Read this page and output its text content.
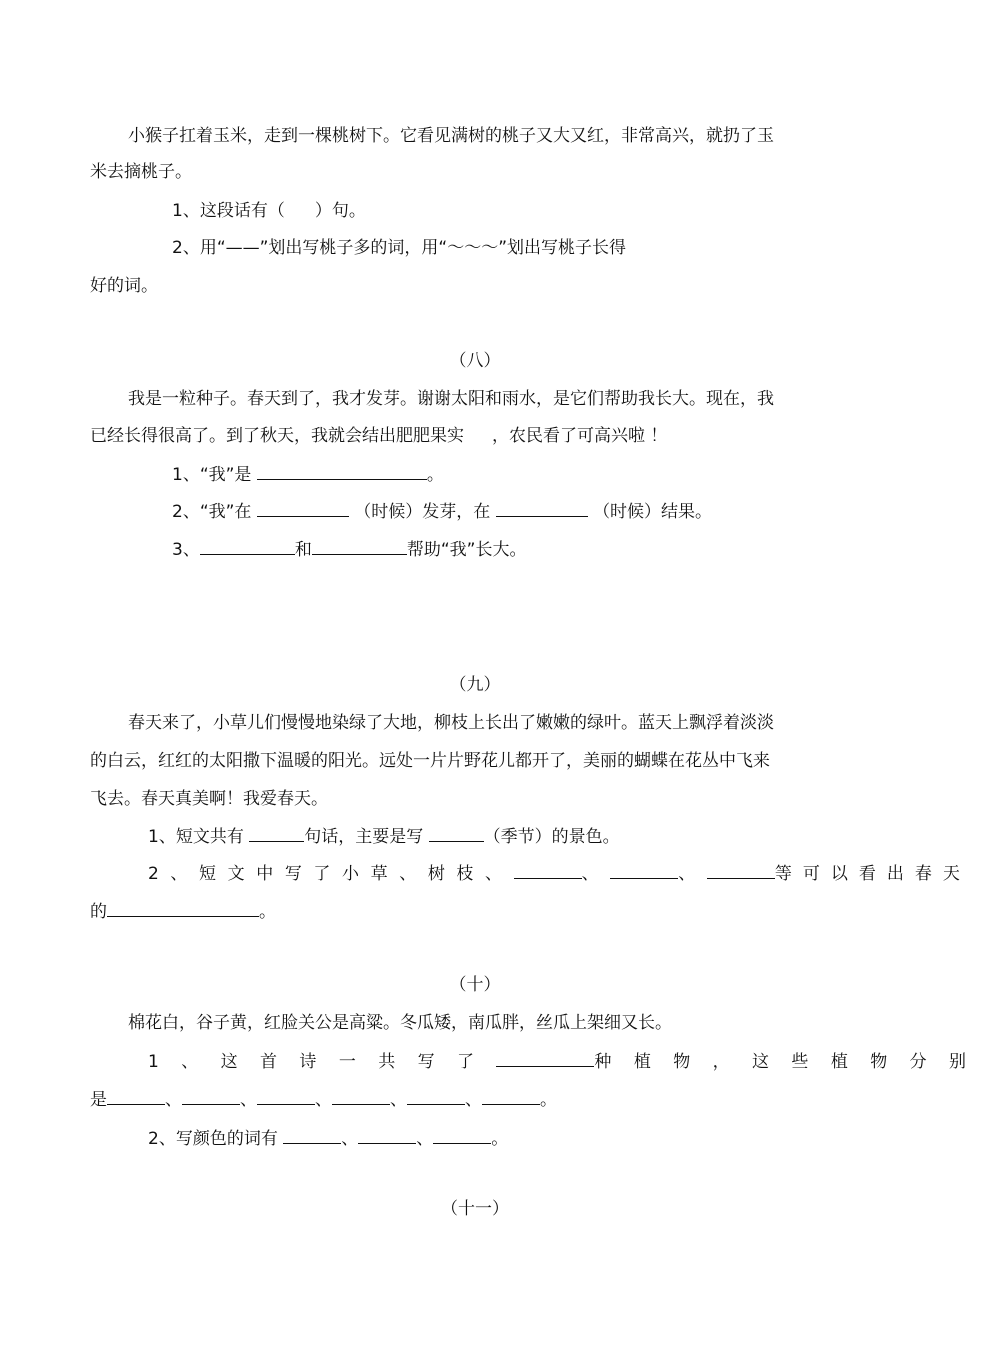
小猴子扛着玉米，走到一棵桃树下。它看见满树的桃子又大又红，非常高兴，就扔了玉
米去摘桃子。
1、这段话有（ ）句。
2、用“——”划出写桃子多的词，用“～～～”划出写桃子长得
好的词。
（八）
我是一粒种子。春天到了，我才发芽。谢谢太阳和雨水，是它们帮助我长大。现在，我
已经长得很高了。到了秋天，我就会结出肥肥果实 ，农民看了可高兴啦 ！
1、“我”是	。
2、“我”在	（时候）发芽，在	（时候）结果。
3、	和	帮助“我”长大。
（九）
春天来了，小草儿们慢慢地染绿了大地，柳枝上长出了嫩嫩的绿叶。蓝天上飘浮着淡淡
的白云，红红的太阳撒下温暖的阳光。远处一片片野花儿都开了，美丽的蝴蝶在花丛中飞来
飞去。春天真美啊！我爱春天。
1、短文共有	句话，主要是写	（季节）的景色。
2、短文中写了小草、树枝、	、	、	等可以看出春天
的	。
（十）
棉花白，谷子黄，红脸关公是高粱。冬瓜矮，南瓜胖，丝瓜上架细又长。
1、这首诗一共写了	种植物，这些植物分别
是	、	、	、	、	、	。
2、写颜色的词有	、	、	。
（十一）
